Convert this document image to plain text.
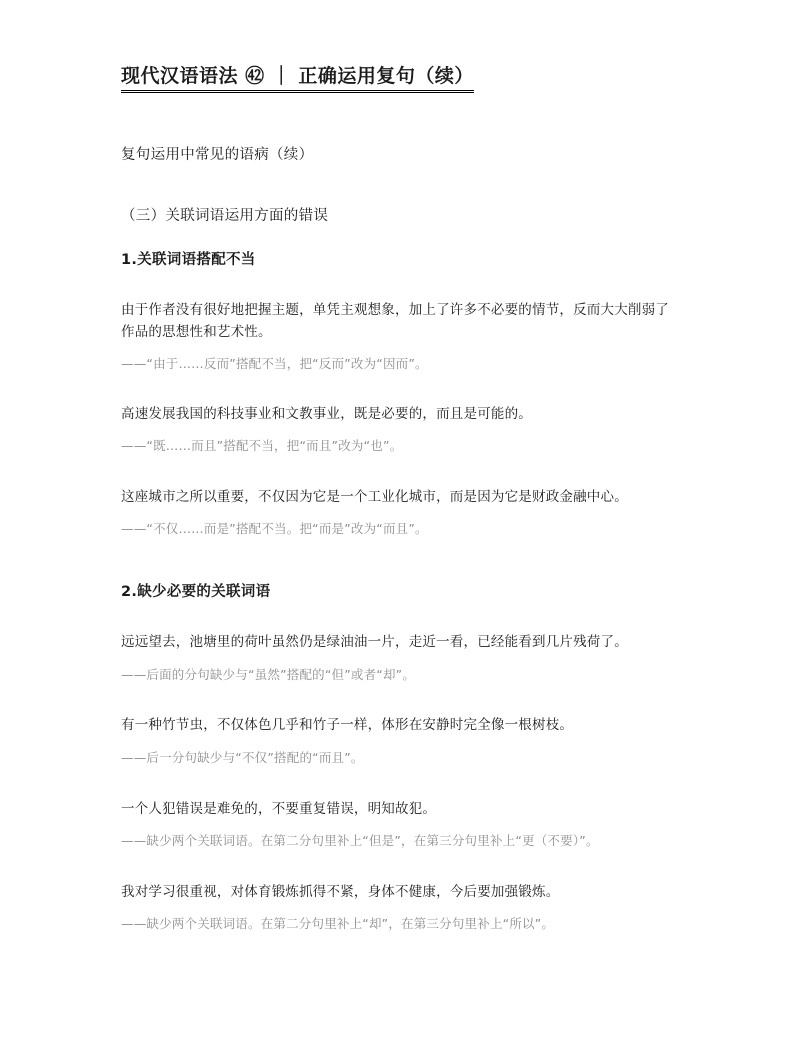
现代汉语语法 ㊷ ｜ 正确运用复句（续）
复句运用中常见的语病（续）
（三）关联词语运用方面的错误
1.关联词语搭配不当
由于作者没有很好地把握主题，单凭主观想象，加上了许多不必要的情节，反而大大削弱了作品的思想性和艺术性。
——“由于……反而”搭配不当，把“反而”改为“因而”。
高速发展我国的科技事业和文教事业，既是必要的，而且是可能的。
——“既……而且”搭配不当，把“而且”改为“也”。
这座城市之所以重要，不仅因为它是一个工业化城市，而是因为它是财政金融中心。
——“不仅……而是”搭配不当。把“而是”改为“而且”。
2.缺少必要的关联词语
远远望去，池塘里的荷叶虽然仍是绿油油一片，走近一看，已经能看到几片残荷了。
——后面的分句缺少与“虽然”搭配的“但”或者“却”。
有一种竹节虫，不仅体色几乎和竹子一样，体形在安静时完全像一根树枝。
——后一分句缺少与“不仅”搭配的“而且”。
一个人犯错误是难免的，不要重复错误，明知故犯。
——缺少两个关联词语。在第二分句里补上“但是”，在第三分句里补上“更（不要）”。
我对学习很重视，对体育锻炼抓得不紧，身体不健康，今后要加强锻炼。
——缺少两个关联词语。在第二分句里补上“却”，在第三分句里补上“所以”。
